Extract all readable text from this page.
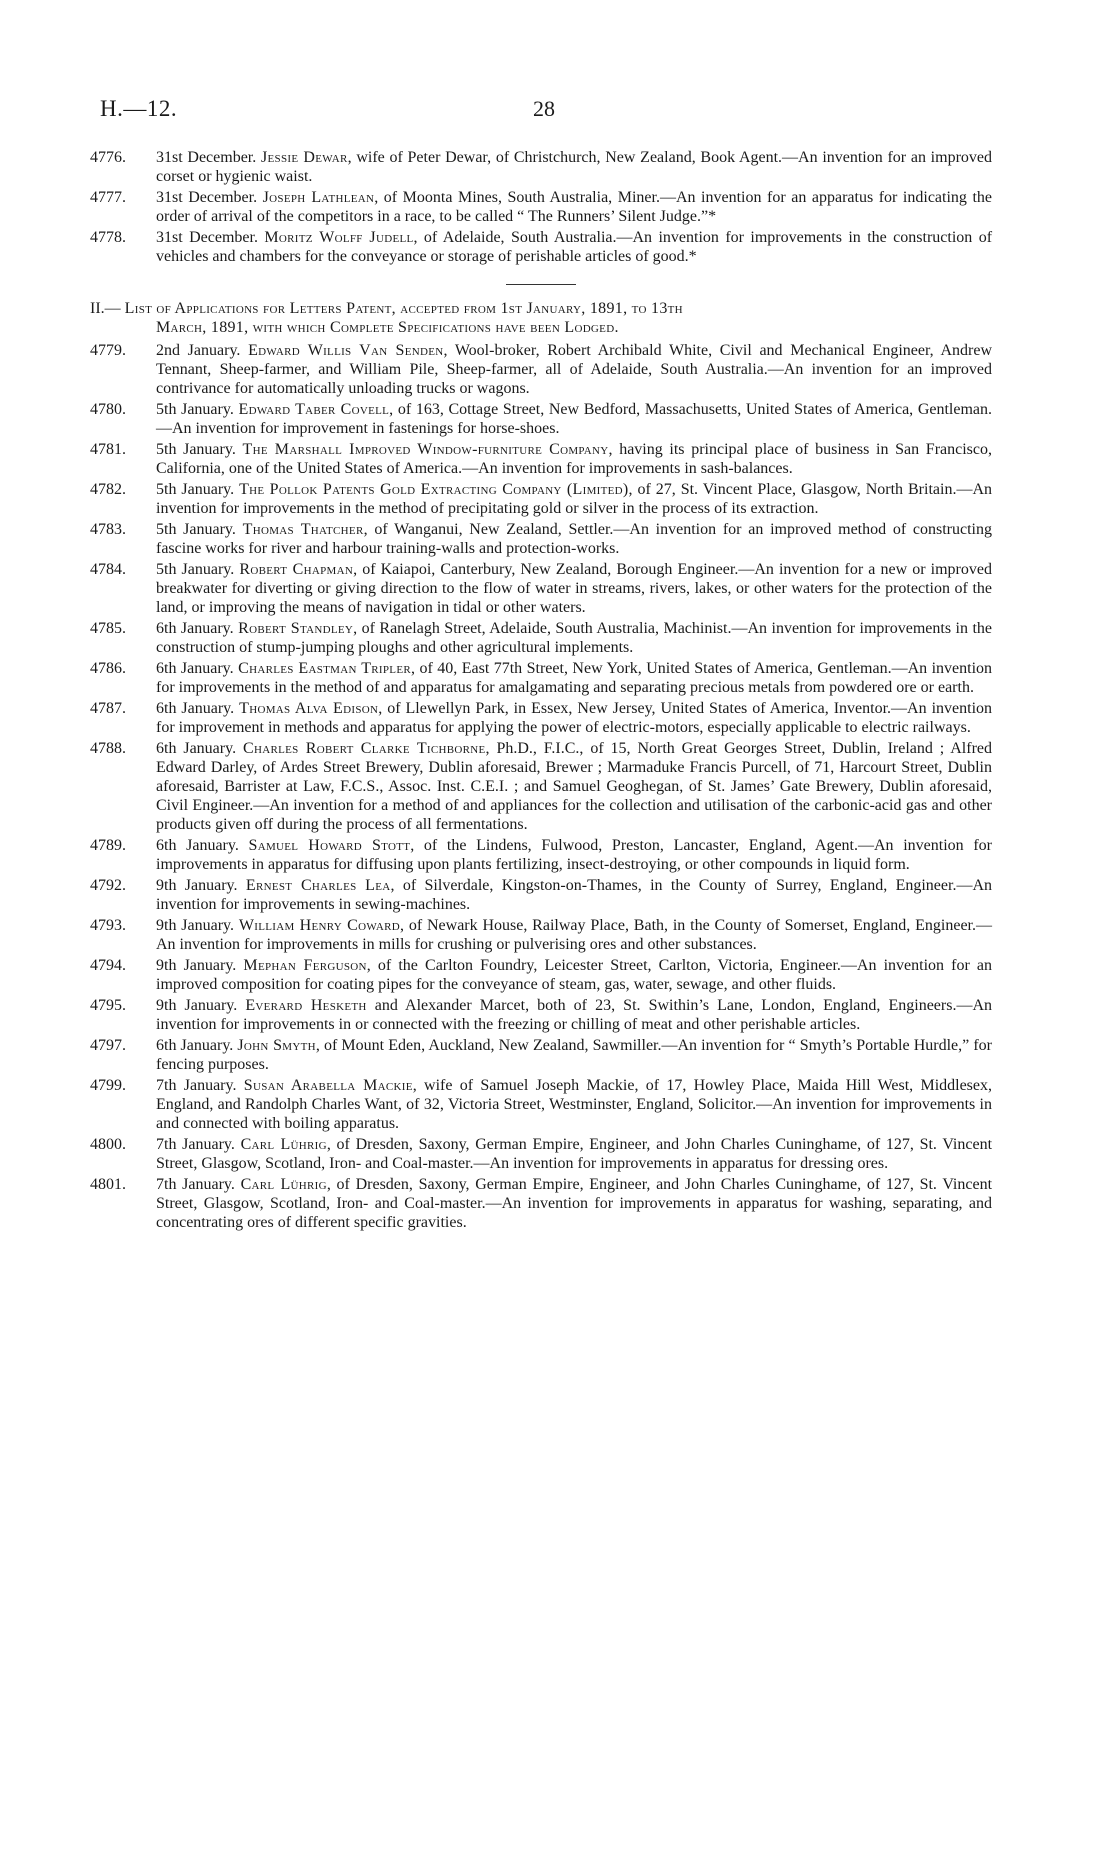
H.—12.	28
4776. 31st December. Jessie Dewar, wife of Peter Dewar, of Christchurch, New Zealand, Book Agent.—An invention for an improved corset or hygienic waist.
4777. 31st December. Joseph Lathlean, of Moonta Mines, South Australia, Miner.—An invention for an apparatus for indicating the order of arrival of the competitors in a race, to be called “ The Runners’ Silent Judge.”*
4778. 31st December. Moritz Wolff Judell, of Adelaide, South Australia.—An invention for improvements in the construction of vehicles and chambers for the conveyance or storage of perishable articles of good.*
II.— List of Applications for Letters Patent, accepted from 1st January, 1891, to 13th
March, 1891, with which Complete Specifications have been Lodged.
4779. 2nd January. Edward Willis Van Senden, Wool-broker, Robert Archibald White, Civil and Mechanical Engineer, Andrew Tennant, Sheep-farmer, and William Pile, Sheep-farmer, all of Adelaide, South Australia.—An invention for an improved contrivance for automatically unloading trucks or wagons.
4780. 5th January. Edward Taber Covell, of 163, Cottage Street, New Bedford, Massachusetts, United States of America, Gentleman.—An invention for improvement in fastenings for horse-shoes.
4781. 5th January. The Marshall Improved Window-furniture Company, having its principal place of business in San Francisco, California, one of the United States of America.—An invention for improvements in sash-balances.
4782. 5th January. The Pollok Patents Gold Extracting Company (Limited), of 27, St. Vincent Place, Glasgow, North Britain.—An invention for improvements in the method of precipitating gold or silver in the process of its extraction.
4783. 5th January. Thomas Thatcher, of Wanganui, New Zealand, Settler.—An invention for an improved method of constructing fascine works for river and harbour training-walls and protection-works.
4784. 5th January. Robert Chapman, of Kaiapoi, Canterbury, New Zealand, Borough Engineer.—An invention for a new or improved breakwater for diverting or giving direction to the flow of water in streams, rivers, lakes, or other waters for the protection of the land, or improving the means of navigation in tidal or other waters.
4785. 6th January. Robert Standley, of Ranelagh Street, Adelaide, South Australia, Machinist.—An invention for improvements in the construction of stump-jumping ploughs and other agricultural implements.
4786. 6th January. Charles Eastman Tripler, of 40, East 77th Street, New York, United States of America, Gentleman.—An invention for improvements in the method of and apparatus for amalgamating and separating precious metals from powdered ore or earth.
4787. 6th January. Thomas Alva Edison, of Llewellyn Park, in Essex, New Jersey, United States of America, Inventor.—An invention for improvement in methods and apparatus for applying the power of electric-motors, especially applicable to electric railways.
4788. 6th January. Charles Robert Clarke Tichborne, Ph.D., F.I.C., of 15, North Great Georges Street, Dublin, Ireland ; Alfred Edward Darley, of Ardes Street Brewery, Dublin aforesaid, Brewer ; Marmaduke Francis Purcell, of 71, Harcourt Street, Dublin aforesaid, Barrister at Law, F.C.S., Assoc. Inst. C.E.I. ; and Samuel Geoghegan, of St. James’ Gate Brewery, Dublin aforesaid, Civil Engineer.—An invention for a method of and appliances for the collection and utilisation of the carbonic-acid gas and other products given off during the process of all fermentations.
4789. 6th January. Samuel Howard Stott, of the Lindens, Fulwood, Preston, Lancaster, England, Agent.—An invention for improvements in apparatus for diffusing upon plants fertilizing, insect-destroying, or other compounds in liquid form.
4792. 9th January. Ernest Charles Lea, of Silverdale, Kingston-on-Thames, in the County of Surrey, England, Engineer.—An invention for improvements in sewing-machines.
4793. 9th January. William Henry Coward, of Newark House, Railway Place, Bath, in the County of Somerset, England, Engineer.—An invention for improvements in mills for crushing or pulverising ores and other substances.
4794. 9th January. Mephan Ferguson, of the Carlton Foundry, Leicester Street, Carlton, Victoria, Engineer.—An invention for an improved composition for coating pipes for the conveyance of steam, gas, water, sewage, and other fluids.
4795. 9th January. Everard Hesketh and Alexander Marcet, both of 23, St. Swithin’s Lane, London, England, Engineers.—An invention for improvements in or connected with the freezing or chilling of meat and other perishable articles.
4797. 6th January. John Smyth, of Mount Eden, Auckland, New Zealand, Sawmiller.—An invention for “ Smyth’s Portable Hurdle,” for fencing purposes.
4799. 7th January. Susan Arabella Mackie, wife of Samuel Joseph Mackie, of 17, Howley Place, Maida Hill West, Middlesex, England, and Randolph Charles Want, of 32, Victoria Street, Westminster, England, Solicitor.—An invention for improvements in and connected with boiling apparatus.
4800. 7th January. Carl Lührig, of Dresden, Saxony, German Empire, Engineer, and John Charles Cuninghame, of 127, St. Vincent Street, Glasgow, Scotland, Iron- and Coal-master.—An invention for improvements in apparatus for dressing ores.
4801. 7th January. Carl Lührig, of Dresden, Saxony, German Empire, Engineer, and John Charles Cuninghame, of 127, St. Vincent Street, Glasgow, Scotland, Iron- and Coal-master.—An invention for improvements in apparatus for washing, separating, and concentrating ores of different specific gravities.
